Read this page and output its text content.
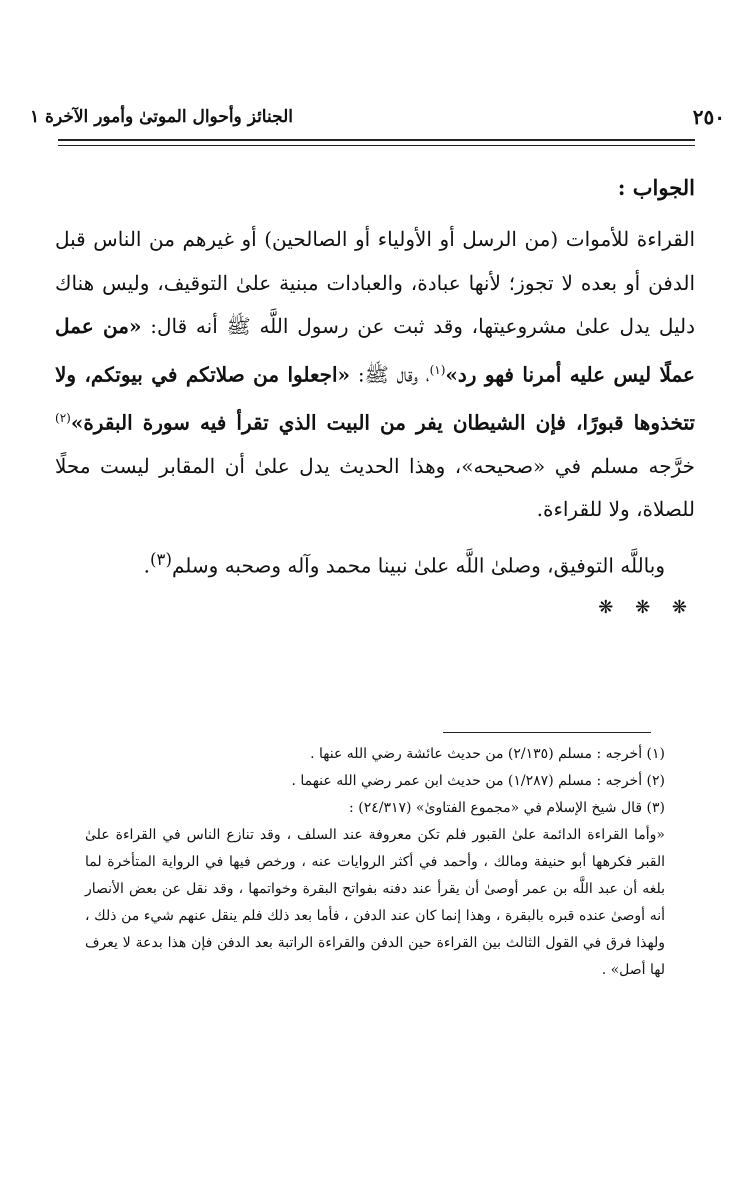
٢٥٠
الجنائز وأحوال الموتىٰ وأمور الآخرة ١

الجواب :

القراءة للأموات (من الرسل أو الأولياء أو الصالحين) أو غيرهم من الناس قبل الدفن أو بعده لا تجوز؛ لأنها عبادة، والعبادات مبنية علىٰ التوقيف، وليس هناك دليل يدل علىٰ مشروعيتها، وقد ثبت عن رسول اللَّه ﷺ أنه قال: «من عمل عملًا ليس عليه أمرنا فهو رد»$^{(١)}$، وقال ﷺ: «اجعلوا من صلاتكم في بيوتكم، ولا تتخذوها قبورًا، فإن الشيطان يفر من البيت الذي تقرأ فيه سورة البقرة»$^{(٢)}$ خرَّجه مسلم في «صحيحه»، وهذا الحديث يدل علىٰ أن المقابر ليست محلًا للصلاة، ولا للقراءة.

وباللَّه التوفيق، وصلىٰ اللَّه علىٰ نبينا محمد وآله وصحبه وسلم$^{(٣)}$.

❋ ❋ ❋

(١) أخرجه : مسلم (٢/١٣٥) من حديث عائشة رضي الله عنها .

(٢) أخرجه : مسلم (١/٢٨٧) من حديث ابن عمر رضي الله عنهما .

(٣) قال شيخ الإسلام في «مجموع الفتاوىٰ» (٢٤/٣١٧) :

«وأما القراءة الدائمة علىٰ القبور فلم تكن معروفة عند السلف ، وقد تنازع الناس في القراءة علىٰ القبر فكرهها أبو حنيفة ومالك ، وأحمد في أكثر الروايات عنه ، ورخص فيها في الرواية المتأخرة لما بلغه أن عبد اللَّه بن عمر أوصىٰ أن يقرأ عند دفنه بفواتح البقرة وخواتمها ، وقد نقل عن بعض الأنصار أنه أوصىٰ عنده قبره بالبقرة ، وهذا إنما كان عند الدفن ، فأما بعد ذلك فلم ينقل عنهم شيء من ذلك ، ولهذا فرق في القول الثالث بين القراءة حين الدفن والقراءة الراتبة بعد الدفن فإن هذا بدعة لا يعرف لها أصل» .
